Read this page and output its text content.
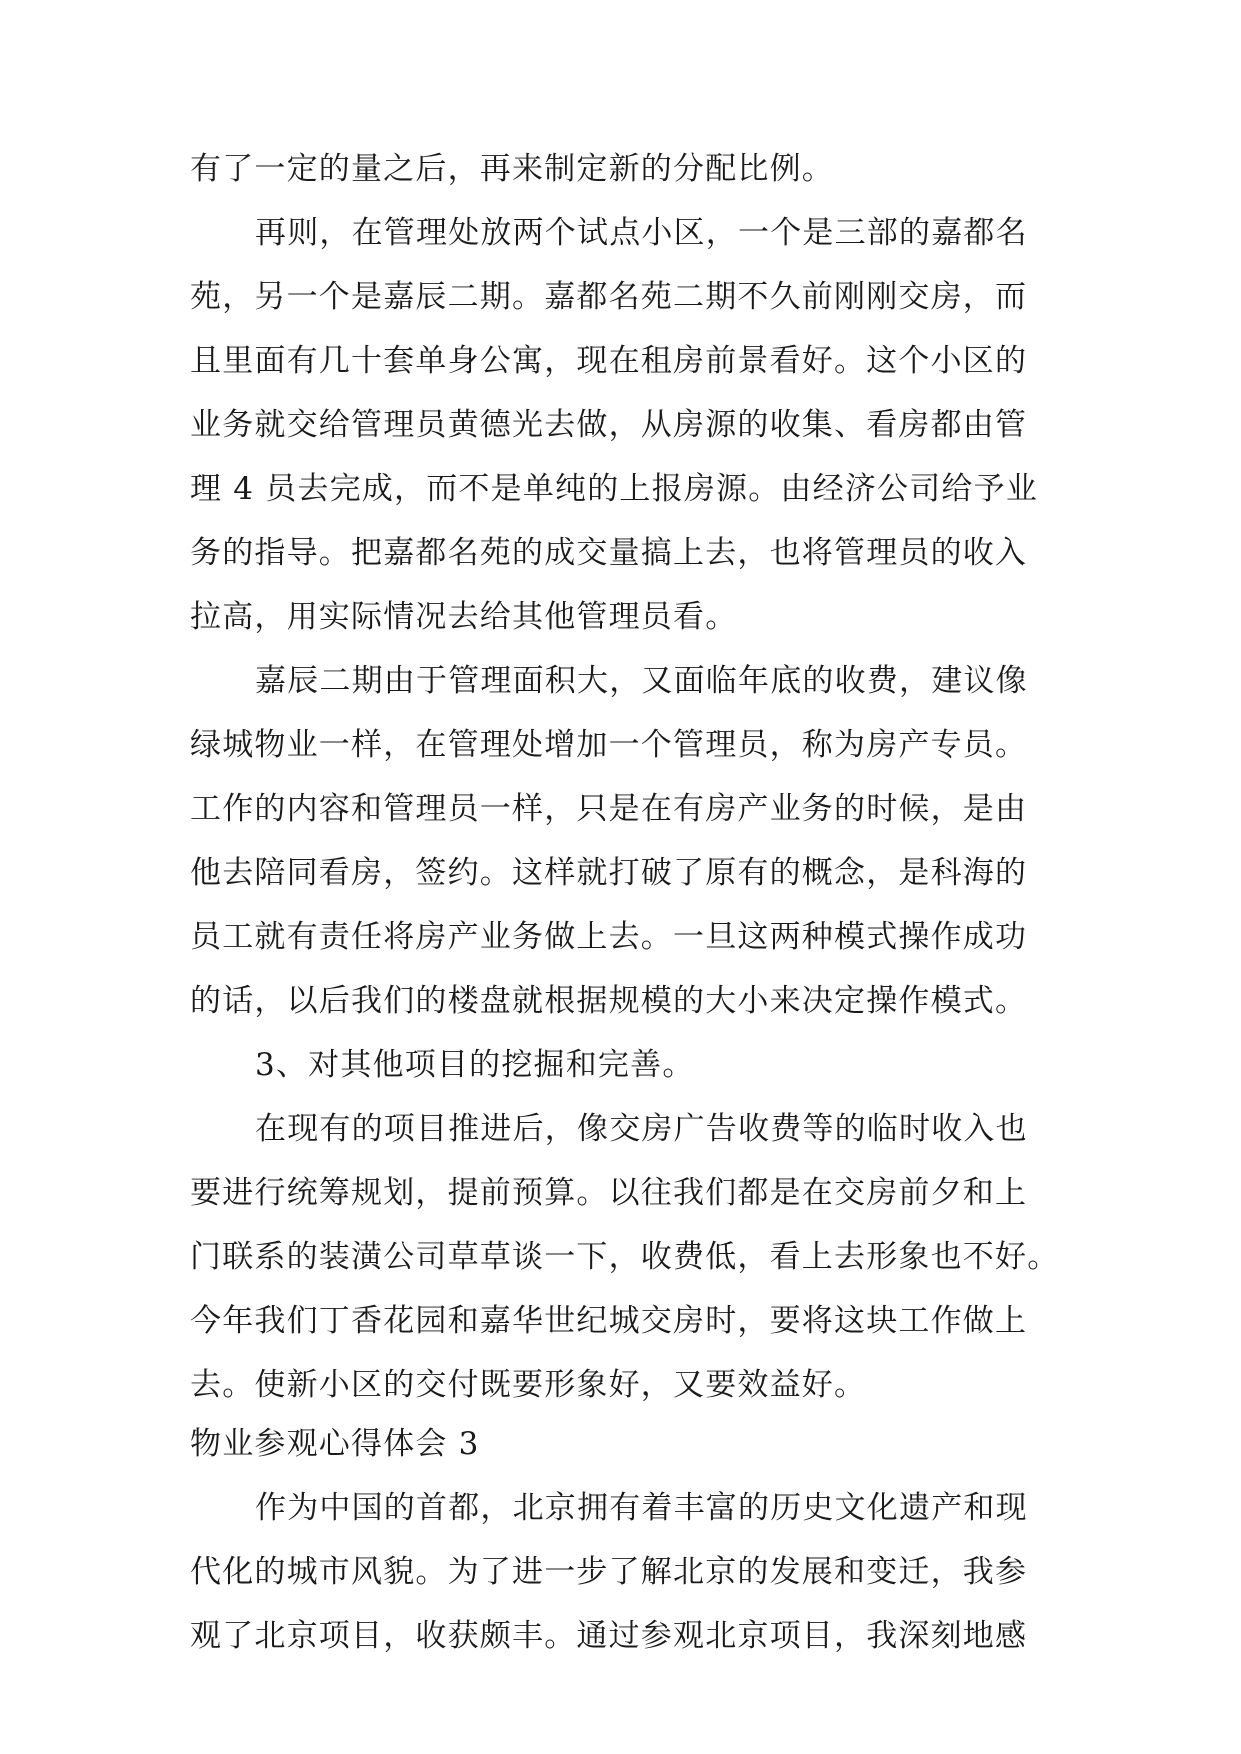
有了一定的量之后，再来制定新的分配比例。
再则，在管理处放两个试点小区，一个是三部的嘉都名
苑，另一个是嘉辰二期。嘉都名苑二期不久前刚刚交房，而
且里面有几十套单身公寓，现在租房前景看好。这个小区的
业务就交给管理员黄德光去做，从房源的收集、看房都由管
理 4 员去完成，而不是单纯的上报房源。由经济公司给予业
务的指导。把嘉都名苑的成交量搞上去，也将管理员的收入
拉高，用实际情况去给其他管理员看。
嘉辰二期由于管理面积大，又面临年底的收费，建议像
绿城物业一样，在管理处增加一个管理员，称为房产专员。
工作的内容和管理员一样，只是在有房产业务的时候，是由
他去陪同看房，签约。这样就打破了原有的概念，是科海的
员工就有责任将房产业务做上去。一旦这两种模式操作成功
的话，以后我们的楼盘就根据规模的大小来决定操作模式。
3、对其他项目的挖掘和完善。
在现有的项目推进后，像交房广告收费等的临时收入也
要进行统筹规划，提前预算。以往我们都是在交房前夕和上
门联系的装潢公司草草谈一下，收费低，看上去形象也不好。
今年我们丁香花园和嘉华世纪城交房时，要将这块工作做上
去。使新小区的交付既要形象好，又要效益好。
物业参观心得体会 3
作为中国的首都，北京拥有着丰富的历史文化遗产和现
代化的城市风貌。为了进一步了解北京的发展和变迁，我参
观了北京项目，收获颇丰。通过参观北京项目，我深刻地感
